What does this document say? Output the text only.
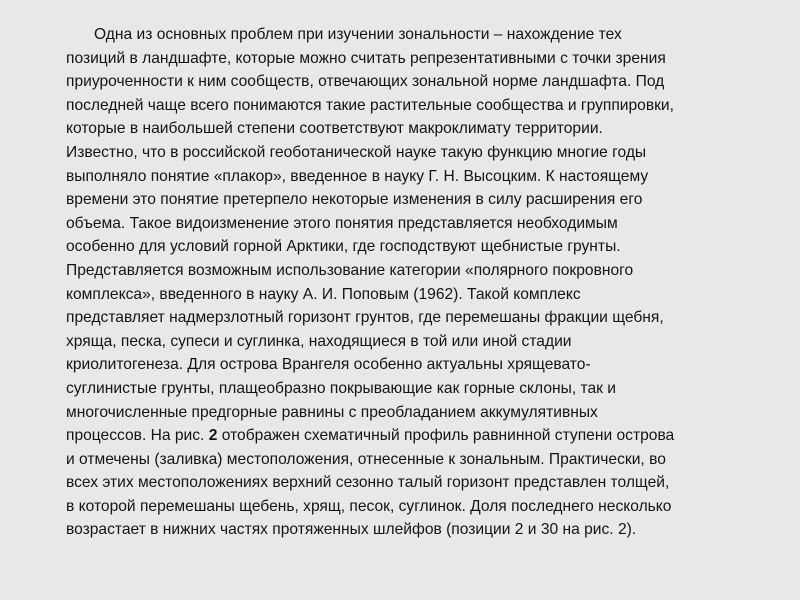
Одна из основных проблем при изучении зональности – нахождение тех
позиций в ландшафте, которые можно считать репрезентативными с точки зрения
приуроченности к ним сообществ, отвечающих зональной норме ландшафта. Под
последней чаще всего понимаются такие растительные сообщества и группировки,
которые в наибольшей степени соответствуют макроклимату территории.
Известно, что в российской геоботанической науке такую функцию многие годы
выполняло понятие «плакор», введенное в науку Г. Н. Высоцким. К настоящему
времени это понятие претерпело некоторые изменения в силу расширения его
объема. Такое видоизменение этого понятия представляется необходимым
особенно для условий горной Арктики, где господствуют щебнистые грунты.
Представляется возможным использование категории «полярного покровного
комплекса», введенного в науку А. И. Поповым (1962). Такой комплекс
представляет надмерзлотный горизонт грунтов, где перемешаны фракции щебня,
хряща, песка, супеси и суглинка, находящиеся в той или иной стадии
криолитогенеза. Для острова Врангеля особенно актуальны хрящевато-
суглинистые грунты, плащеобразно покрывающие как горные склоны, так и
многочисленные предгорные равнины с преобладанием аккумулятивных
процессов. На рис. 2 отображен схематичный профиль равнинной ступени острова
и отмечены (заливка) местоположения, отнесенные к зональным. Практически, во
всех этих местоположениях верхний сезонно талый горизонт представлен толщей,
в которой перемешаны щебень, хрящ, песок, суглинок. Доля последнего несколько
возрастает в нижних частях протяженных шлейфов (позиции 2 и 30 на рис. 2).
